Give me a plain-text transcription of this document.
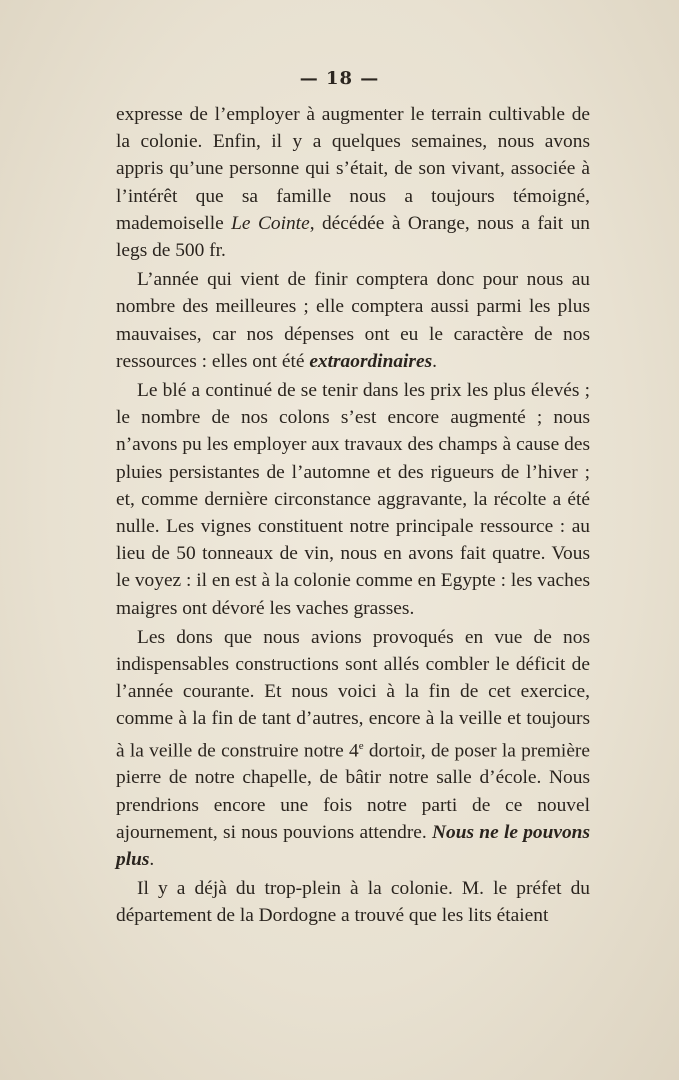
— 18 —

expresse de l’employer à augmenter le terrain cultivable de la colonie. Enfin, il y a quelques semaines, nous avons appris qu’une personne qui s’était, de son vivant, associée à l’intérêt que sa famille nous a toujours témoigné, mademoiselle Le Cointe, décédée à Orange, nous a fait un legs de 500 fr.

L’année qui vient de finir comptera donc pour nous au nombre des meilleures ; elle comptera aussi parmi les plus mauvaises, car nos dépenses ont eu le caractère de nos ressources : elles ont été extraordinaires.

Le blé a continué de se tenir dans les prix les plus élevés ; le nombre de nos colons s’est encore augmenté ; nous n’avons pu les employer aux travaux des champs à cause des pluies persistantes de l’automne et des rigueurs de l’hiver ; et, comme dernière circonstance aggravante, la récolte a été nulle. Les vignes constituent notre principale ressource : au lieu de 50 tonneaux de vin, nous en avons fait quatre. Vous le voyez : il en est à la colonie comme en Egypte : les vaches maigres ont dévoré les vaches grasses.

Les dons que nous avions provoqués en vue de nos indispensables constructions sont allés combler le déficit de l’année courante. Et nous voici à la fin de cet exercice, comme à la fin de tant d’autres, encore à la veille et toujours à la veille de construire notre 4e dortoir, de poser la première pierre de notre chapelle, de bâtir notre salle d’école. Nous prendrions encore une fois notre parti de ce nouvel ajournement, si nous pouvions attendre. Nous ne le pouvons plus.

Il y a déjà du trop-plein à la colonie. M. le préfet du département de la Dordogne a trouvé que les lits étaient
